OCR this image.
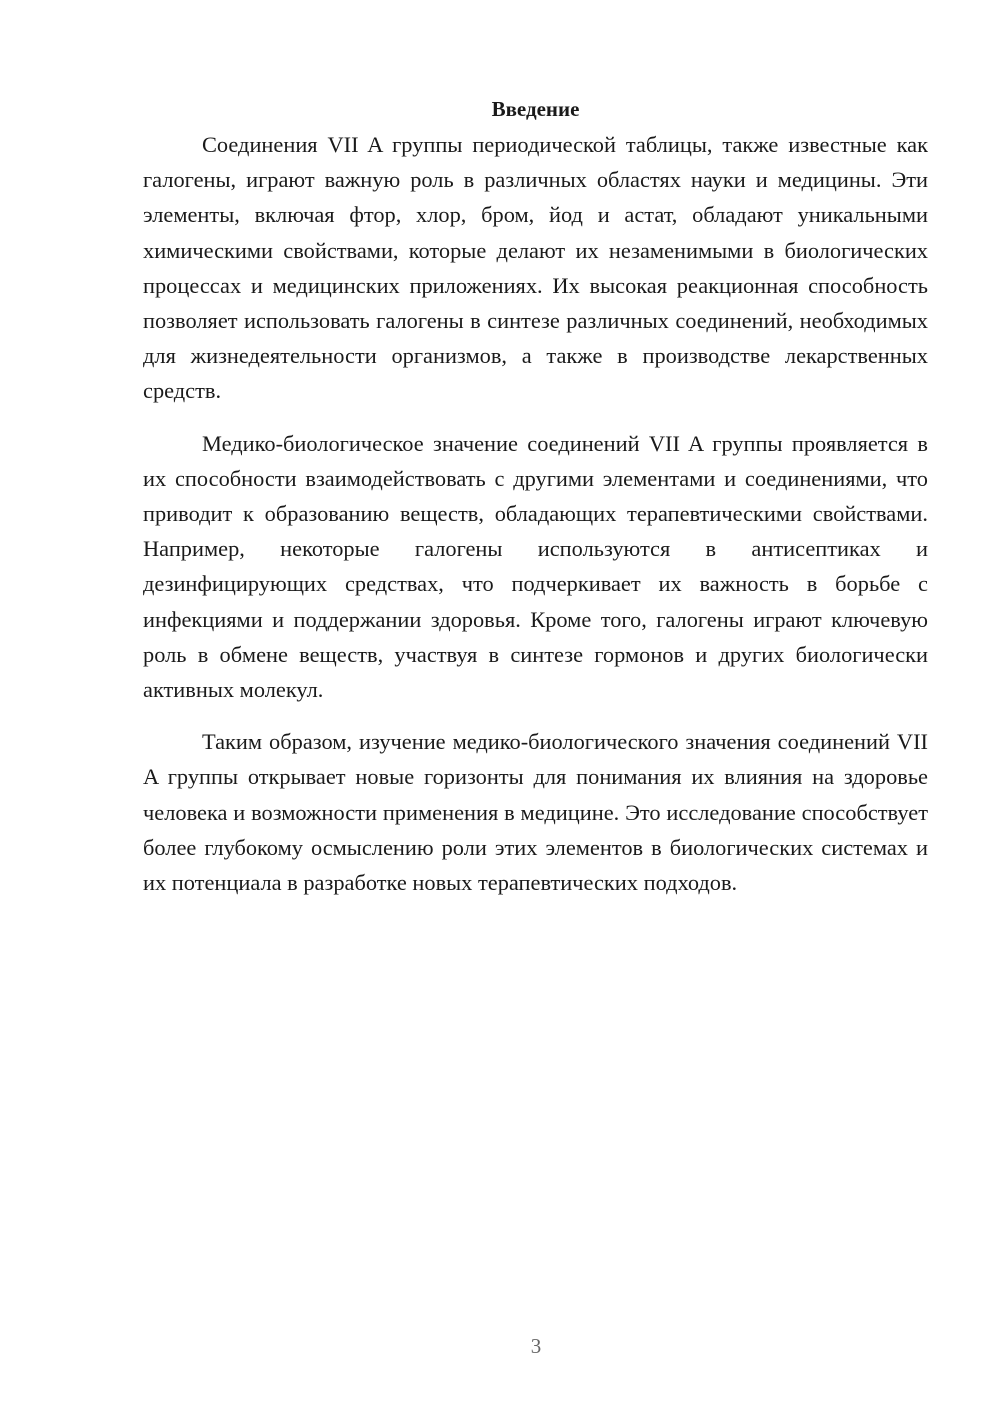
Введение

Соединения VII A группы периодической таблицы, также известные как галогены, играют важную роль в различных областях науки и медицины. Эти элементы, включая фтор, хлор, бром, йод и астат, обладают уникальными химическими свойствами, которые делают их незаменимыми в биологических процессах и медицинских приложениях. Их высокая реакционная способность позволяет использовать галогены в синтезе различных соединений, необходимых для жизнедеятельности организмов, а также в производстве лекарственных средств.

Медико-биологическое значение соединений VII A группы проявляется в их способности взаимодействовать с другими элементами и соединениями, что приводит к образованию веществ, обладающих терапевтическими свойствами. Например, некоторые галогены используются в антисептиках и дезинфицирующих средствах, что подчеркивает их важность в борьбе с инфекциями и поддержании здоровья. Кроме того, галогены играют ключевую роль в обмене веществ, участвуя в синтезе гормонов и других биологически активных молекул.

Таким образом, изучение медико-биологического значения соединений VII A группы открывает новые горизонты для понимания их влияния на здоровье человека и возможности применения в медицине. Это исследование способствует более глубокому осмыслению роли этих элементов в биологических системах и их потенциала в разработке новых терапевтических подходов.

3
